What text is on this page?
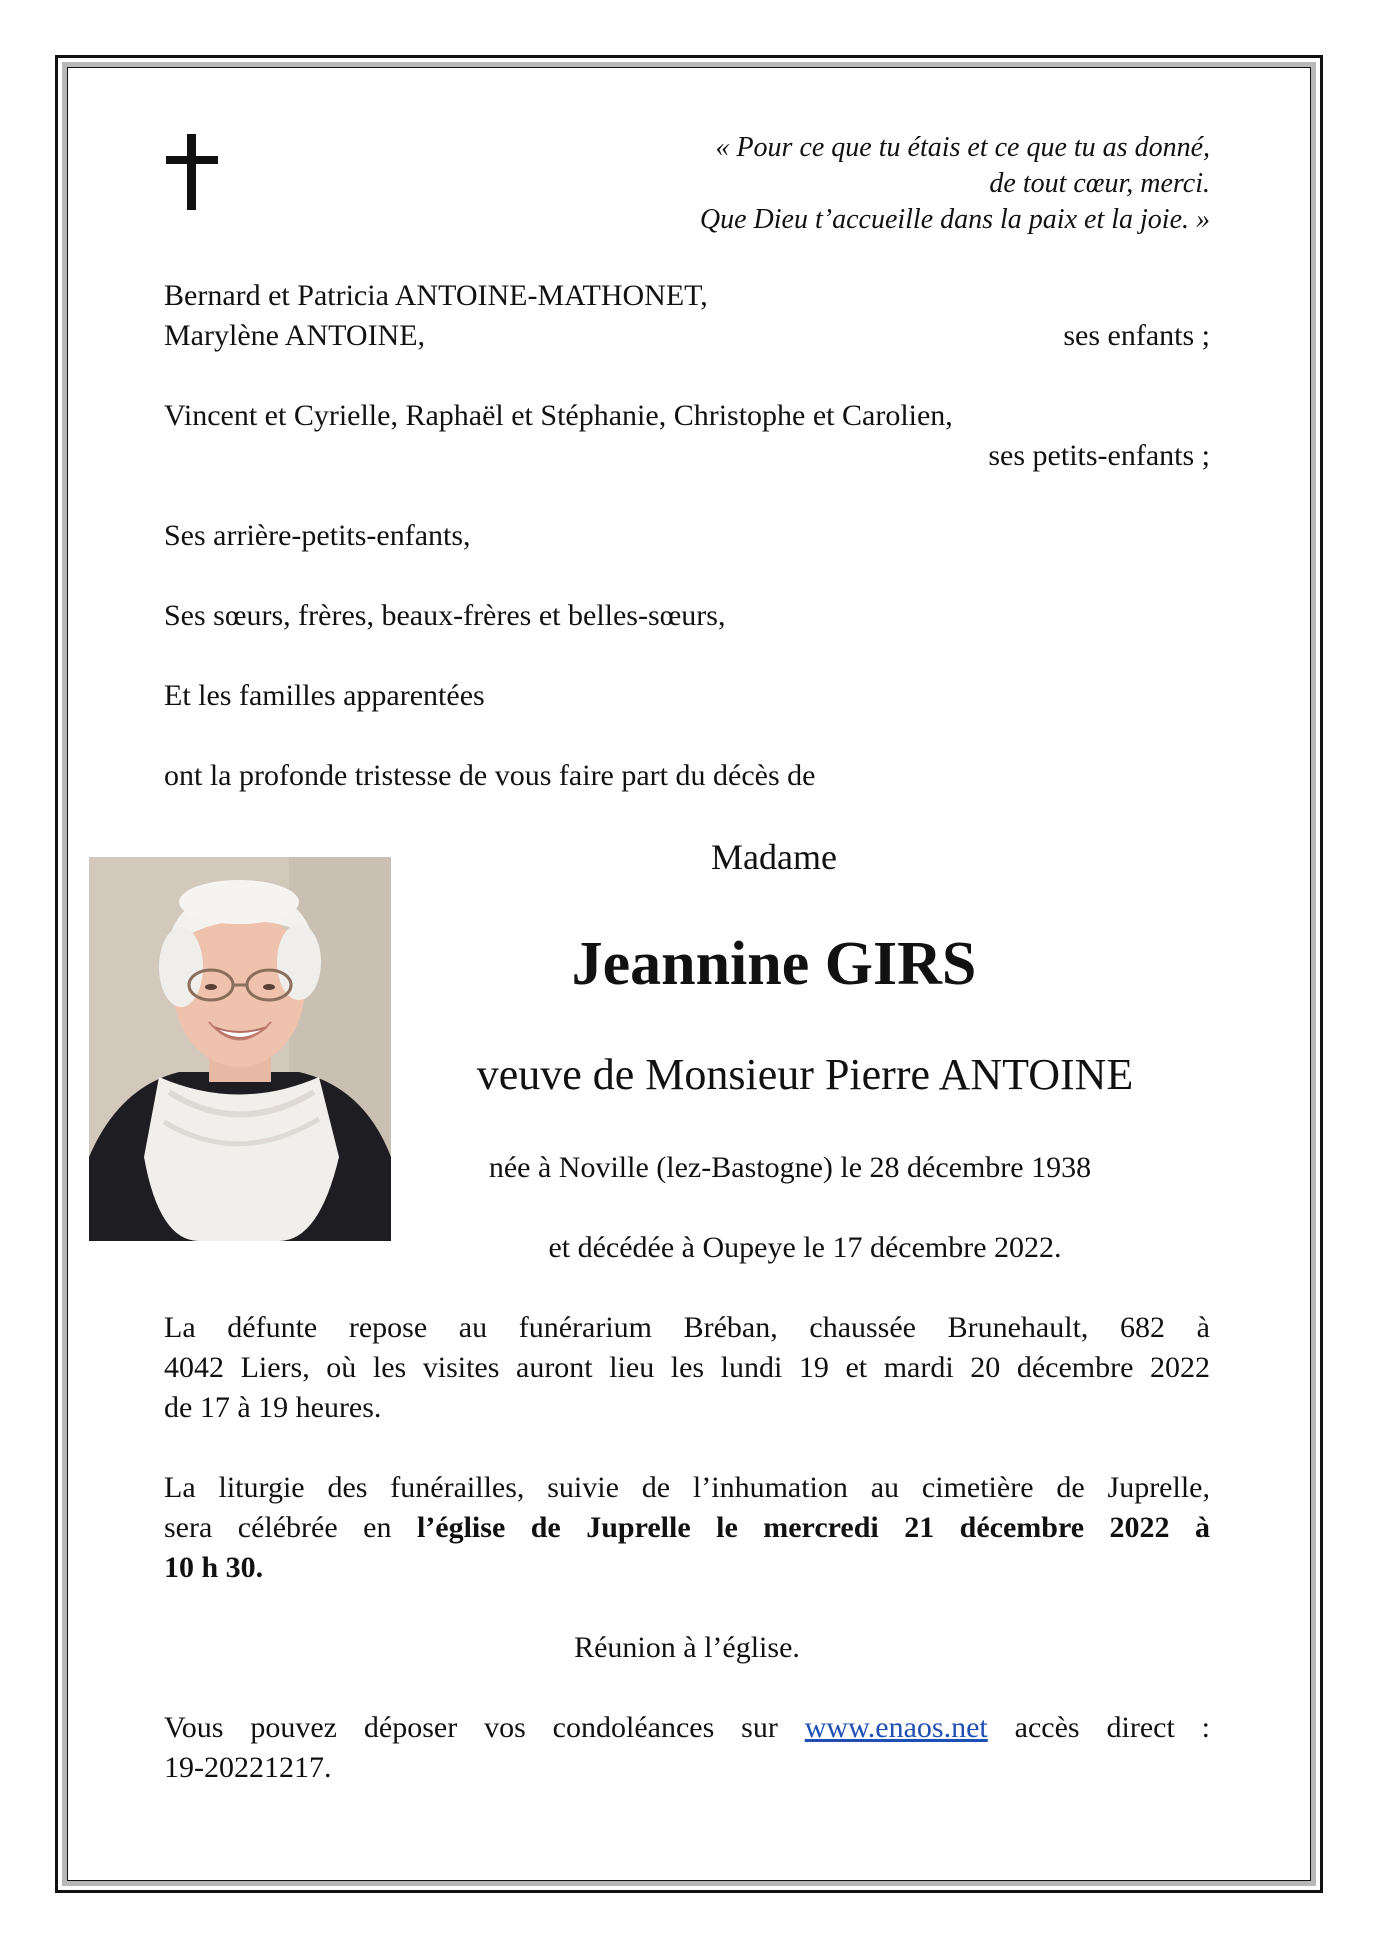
« Pour ce que tu étais et ce que tu as donné,
de tout cœur, merci.
Que Dieu t’accueille dans la paix et la joie. »
Bernard et Patricia ANTOINE-MATHONET,
Marylène ANTOINE,	ses enfants ;
Vincent et Cyrielle, Raphaël et Stéphanie, Christophe et Carolien,
ses petits-enfants ;
Ses arrière-petits-enfants,
Ses sœurs, frères, beaux-frères et belles-sœurs,
Et les familles apparentées
ont la profonde tristesse de vous faire part du décès de
Madame
Jeannine GIRS
veuve de Monsieur Pierre ANTOINE
née à Noville (lez-Bastogne) le 28 décembre 1938
et décédée à Oupeye le 17 décembre 2022.
La défunte repose au funérarium Bréban, chaussée Brunehault, 682 à
4042 Liers, où les visites auront lieu les lundi 19 et mardi 20 décembre 2022
de 17 à 19 heures.
La liturgie des funérailles, suivie de l’inhumation au cimetière de Juprelle,
sera célébrée en l’église de Juprelle le mercredi 21 décembre 2022 à
10 h 30.
Réunion à l’église.
Vous pouvez déposer vos condoléances sur www.enaos.net accès direct :
19-20221217.
